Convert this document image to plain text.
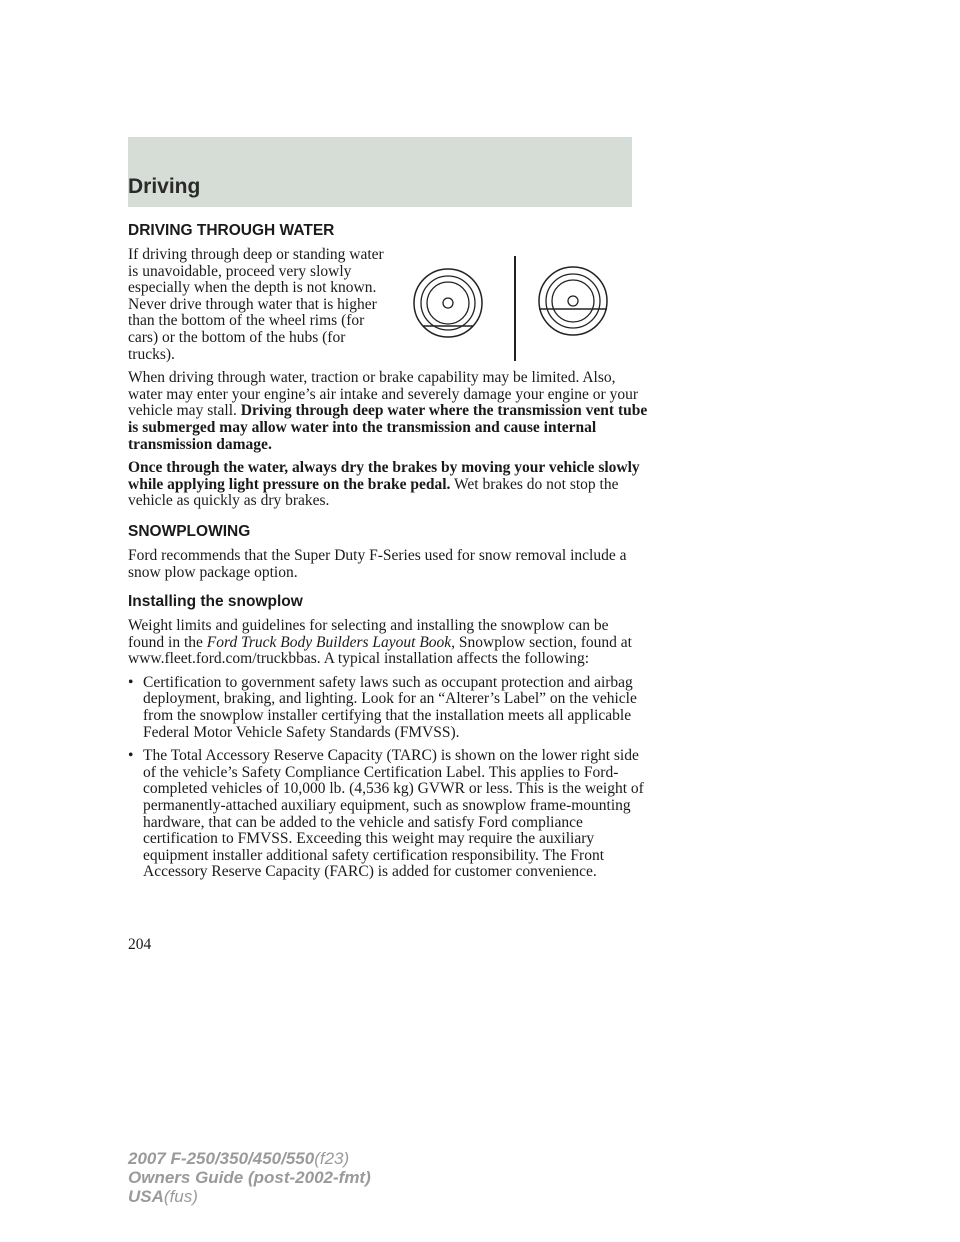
Driving
DRIVING THROUGH WATER

If driving through deep or standing water is unavoidable, proceed very slowly especially when the depth is not known. Never drive through water that is higher than the bottom of the wheel rims (for cars) or the bottom of the hubs (for trucks).

When driving through water, traction or brake capability may be limited. Also, water may enter your engine’s air intake and severely damage your engine or your vehicle may stall. Driving through deep water where the transmission vent tube is submerged may allow water into the transmission and cause internal transmission damage.

Once through the water, always dry the brakes by moving your vehicle slowly while applying light pressure on the brake pedal. Wet brakes do not stop the vehicle as quickly as dry brakes.

SNOWPLOWING

Ford recommends that the Super Duty F-Series used for snow removal include a snow plow package option.

Installing the snowplow

Weight limits and guidelines for selecting and installing the snowplow can be found in the Ford Truck Body Builders Layout Book, Snowplow section, found at www.fleet.ford.com/truckbbas. A typical installation affects the following:

• Certification to government safety laws such as occupant protection and airbag deployment, braking, and lighting. Look for an “Alterer’s Label” on the vehicle from the snowplow installer certifying that the installation meets all applicable Federal Motor Vehicle Safety Standards (FMVSS).
• The Total Accessory Reserve Capacity (TARC) is shown on the lower right side of the vehicle’s Safety Compliance Certification Label. This applies to Ford-completed vehicles of 10,000 lb. (4,536 kg) GVWR or less. This is the weight of permanently-attached auxiliary equipment, such as snowplow frame-mounting hardware, that can be added to the vehicle and satisfy Ford compliance certification to FMVSS. Exceeding this weight may require the auxiliary equipment installer additional safety certification responsibility. The Front Accessory Reserve Capacity (FARC) is added for customer convenience.
204
2007 F-250/350/450/550(f23)
Owners Guide (post-2002-fmt)
USA(fus)
